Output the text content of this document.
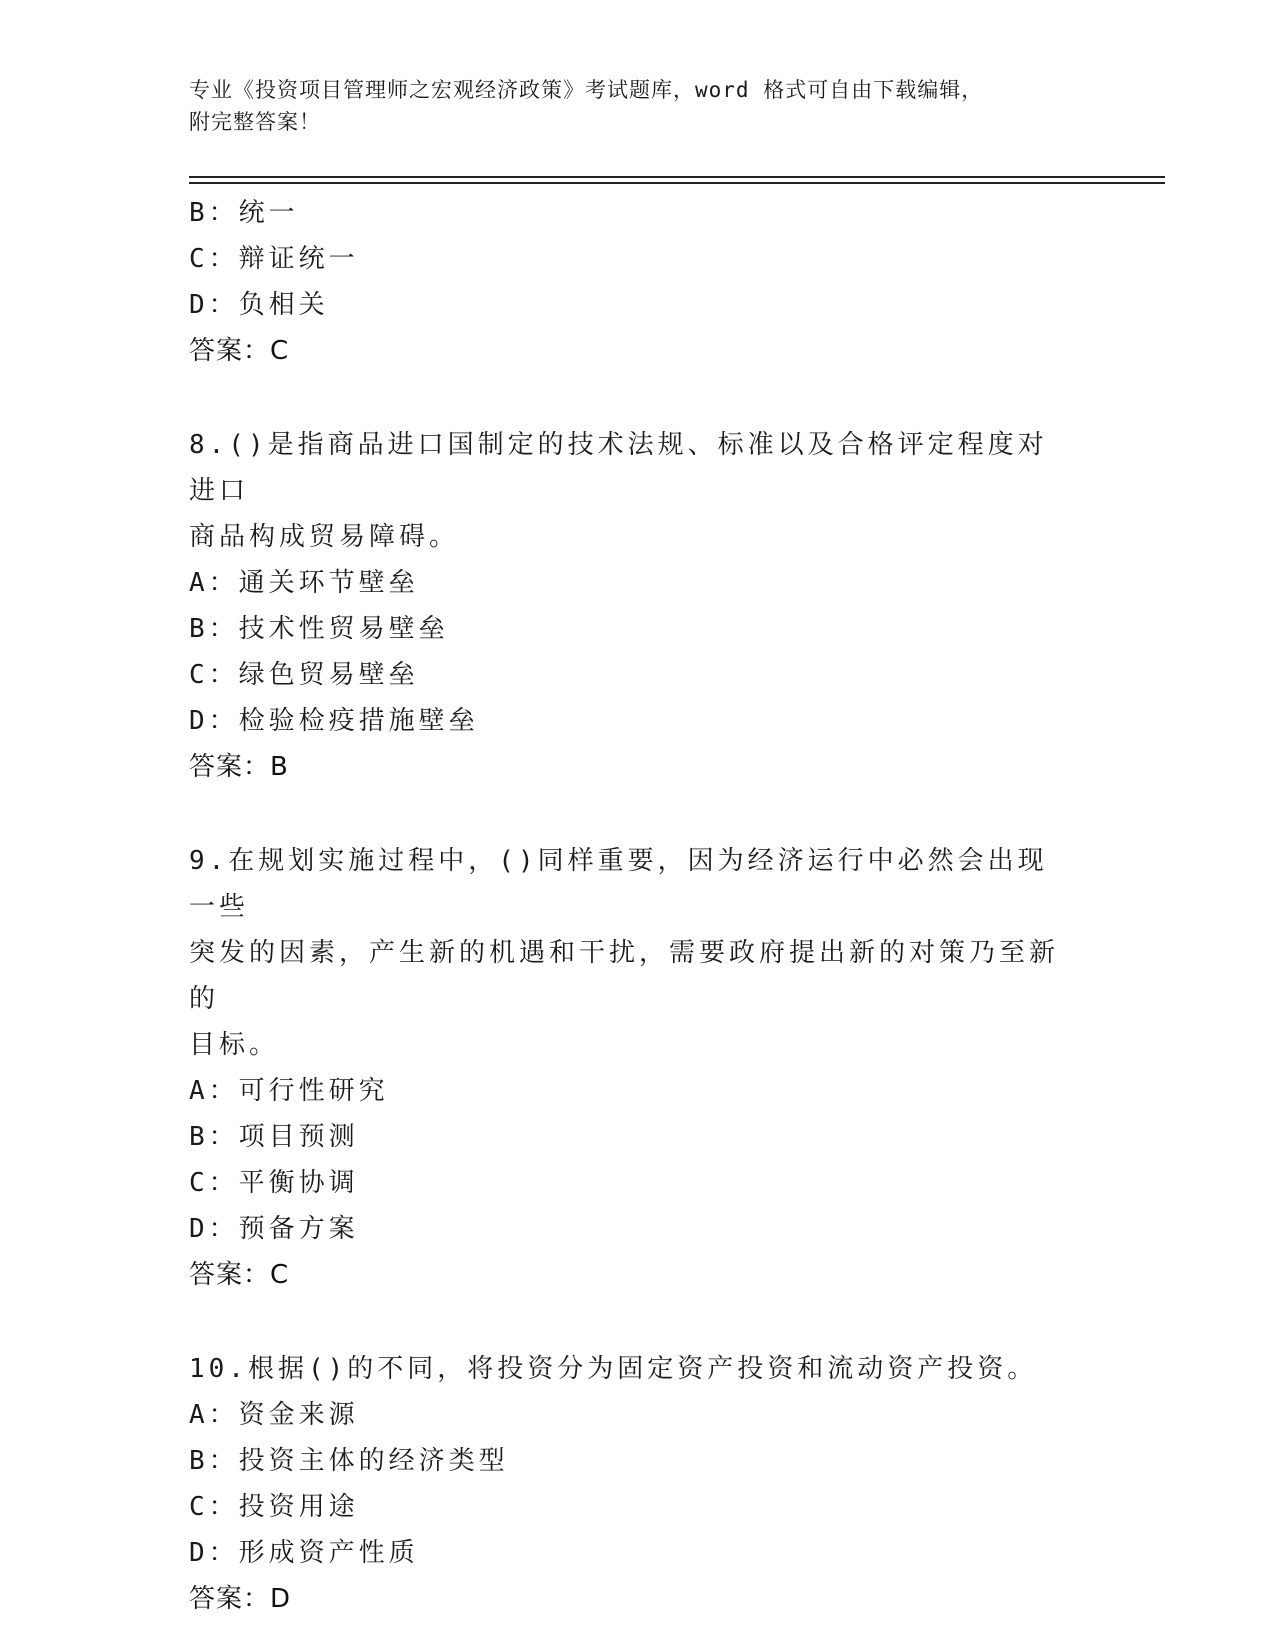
专业《投资项目管理师之宏观经济政策》考试题库，word 格式可自由下载编辑，
附完整答案！
B：统一
C：辩证统一
D：负相关
答案：C
8.()是指商品进口国制定的技术法规、标准以及合格评定程度对进口
商品构成贸易障碍。
A：通关环节壁垒
B：技术性贸易壁垒
C：绿色贸易壁垒
D：检验检疫措施壁垒
答案：B
9.在规划实施过程中，()同样重要，因为经济运行中必然会出现一些
突发的因素，产生新的机遇和干扰，需要政府提出新的对策乃至新的
目标。
A：可行性研究
B：项目预测
C：平衡协调
D：预备方案
答案：C
10.根据()的不同，将投资分为固定资产投资和流动资产投资。
A：资金来源
B：投资主体的经济类型
C：投资用途
D：形成资产性质
答案：D
